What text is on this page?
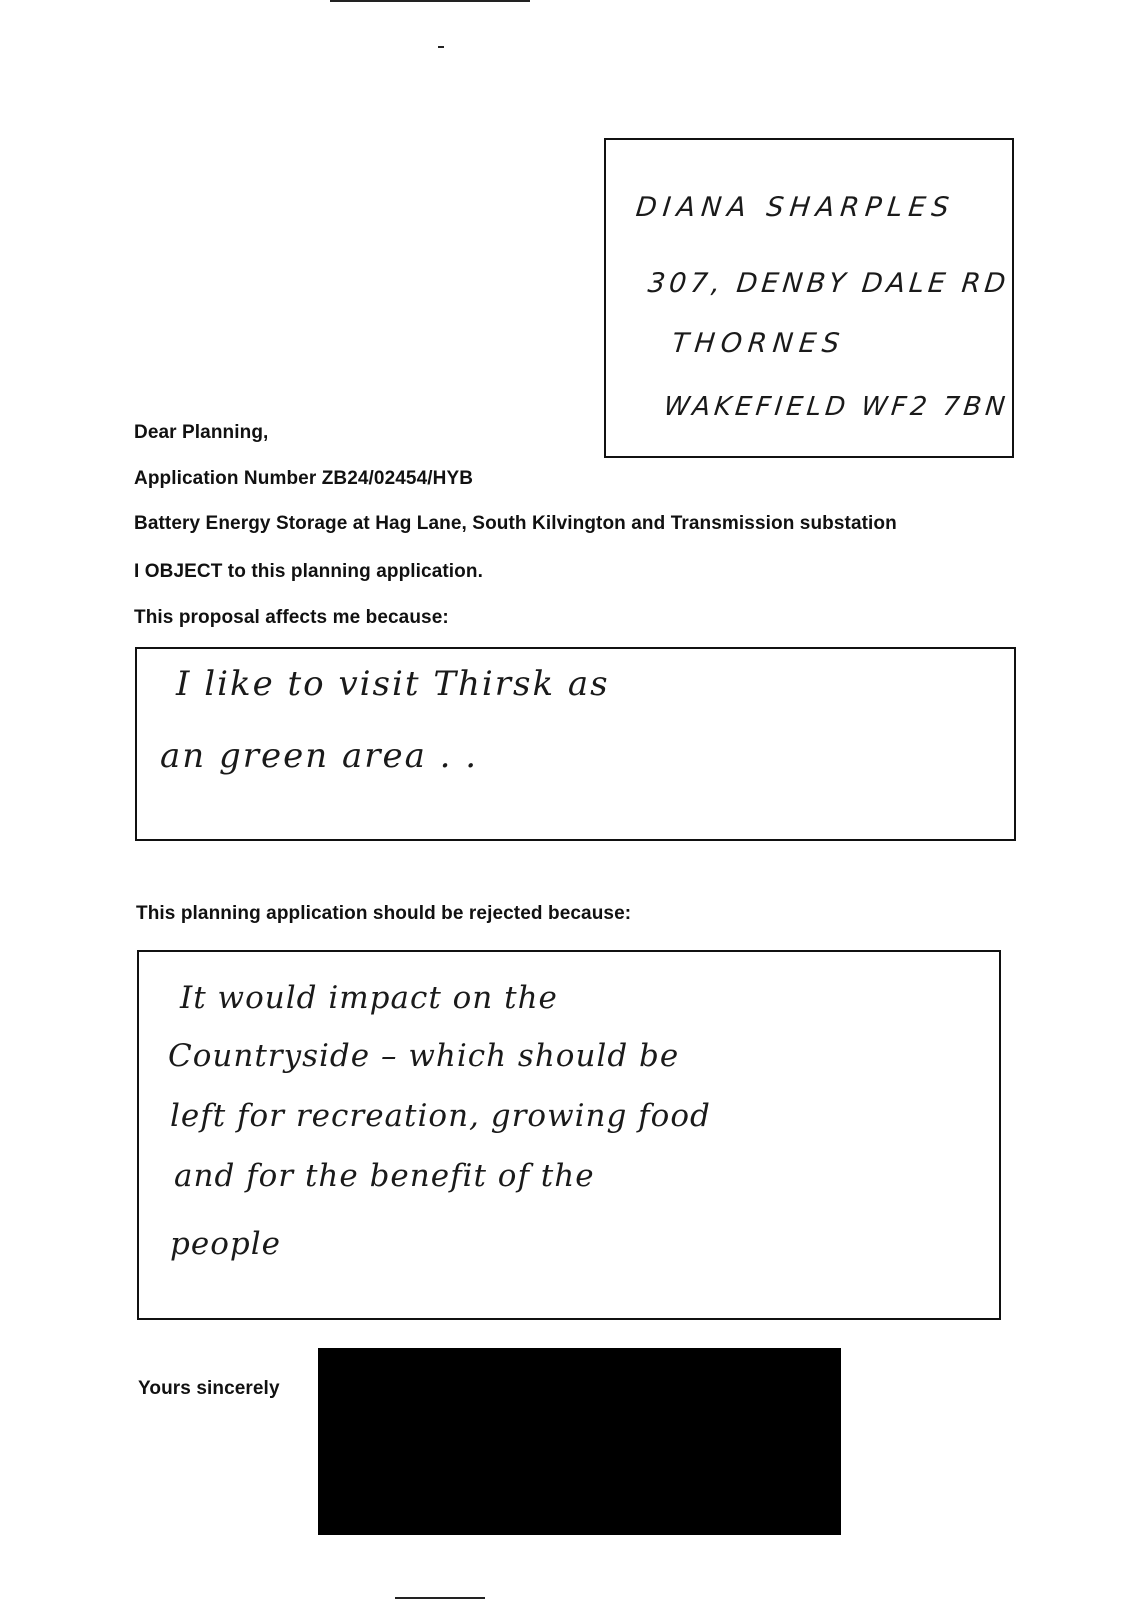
DIANA SHARPLES
307, DENBY DALE RD
THORNES
WAKEFIELD WF2 7BN
Dear Planning,
Application Number ZB24/02454/HYB
Battery Energy Storage at Hag Lane, South Kilvington and Transmission substation
I OBJECT to this planning application.
This proposal affects me because:
I like to visit Thirsk as
an green area . .
This planning application should be rejected because:
It would impact on the
Countryside – which should be
left for recreation, growing food
and for the benefit of the
people
Yours sincerely
